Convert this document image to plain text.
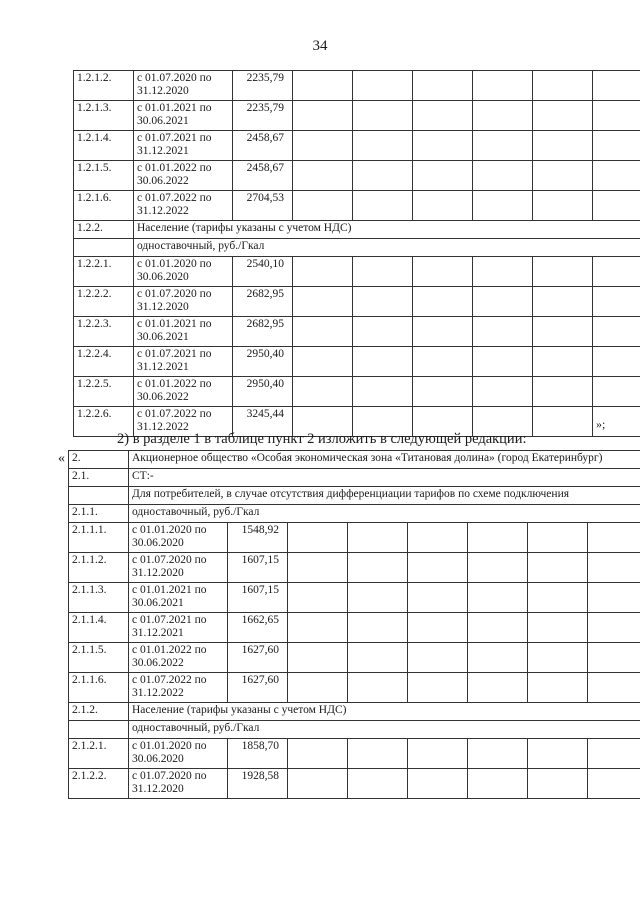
34
1.2.1.2.	с 01.07.2020 по 31.12.2020	2235,79						
1.2.1.3.	с 01.01.2021 по 30.06.2021	2235,79						
1.2.1.4.	с 01.07.2021 по 31.12.2021	2458,67						
1.2.1.5.	с 01.01.2022 по 30.06.2022	2458,67						
1.2.1.6.	с 01.07.2022 по 31.12.2022	2704,53						
1.2.2.	Население (тарифы указаны с учетом НДС)							
	одноставочный, руб./Гкал							
1.2.2.1.	с 01.01.2020 по 30.06.2020	2540,10						
1.2.2.2.	с 01.07.2020 по 31.12.2020	2682,95						
1.2.2.3.	с 01.01.2021 по 30.06.2021	2682,95						
1.2.2.4.	с 01.07.2021 по 31.12.2021	2950,40						
1.2.2.5.	с 01.01.2022 по 30.06.2022	2950,40						
1.2.2.6.	с 01.07.2022 по 31.12.2022	3245,44						
»;
2) в разделе 1 в таблице пункт 2 изложить в следующей редакции:
« 2.	Акционерное общество «Особая экономическая зона «Титановая долина» (город Екатеринбург)							
2.1.	СТ:-							
	Для потребителей, в случае отсутствия дифференциации тарифов по схеме подключения							
2.1.1.	одноставочный, руб./Гкал							
2.1.1.1.	с 01.01.2020 по 30.06.2020	1548,92						
2.1.1.2.	с 01.07.2020 по 31.12.2020	1607,15						
2.1.1.3.	с 01.01.2021 по 30.06.2021	1607,15						
2.1.1.4.	с 01.07.2021 по 31.12.2021	1662,65						
2.1.1.5.	с 01.01.2022 по 30.06.2022	1627,60						
2.1.1.6.	с 01.07.2022 по 31.12.2022	1627,60						
2.1.2.	Население (тарифы указаны с учетом НДС)							
	одноставочный, руб./Гкал							
2.1.2.1.	с 01.01.2020 по 30.06.2020	1858,70						
2.1.2.2.	с 01.07.2020 по 31.12.2020	1928,58						
